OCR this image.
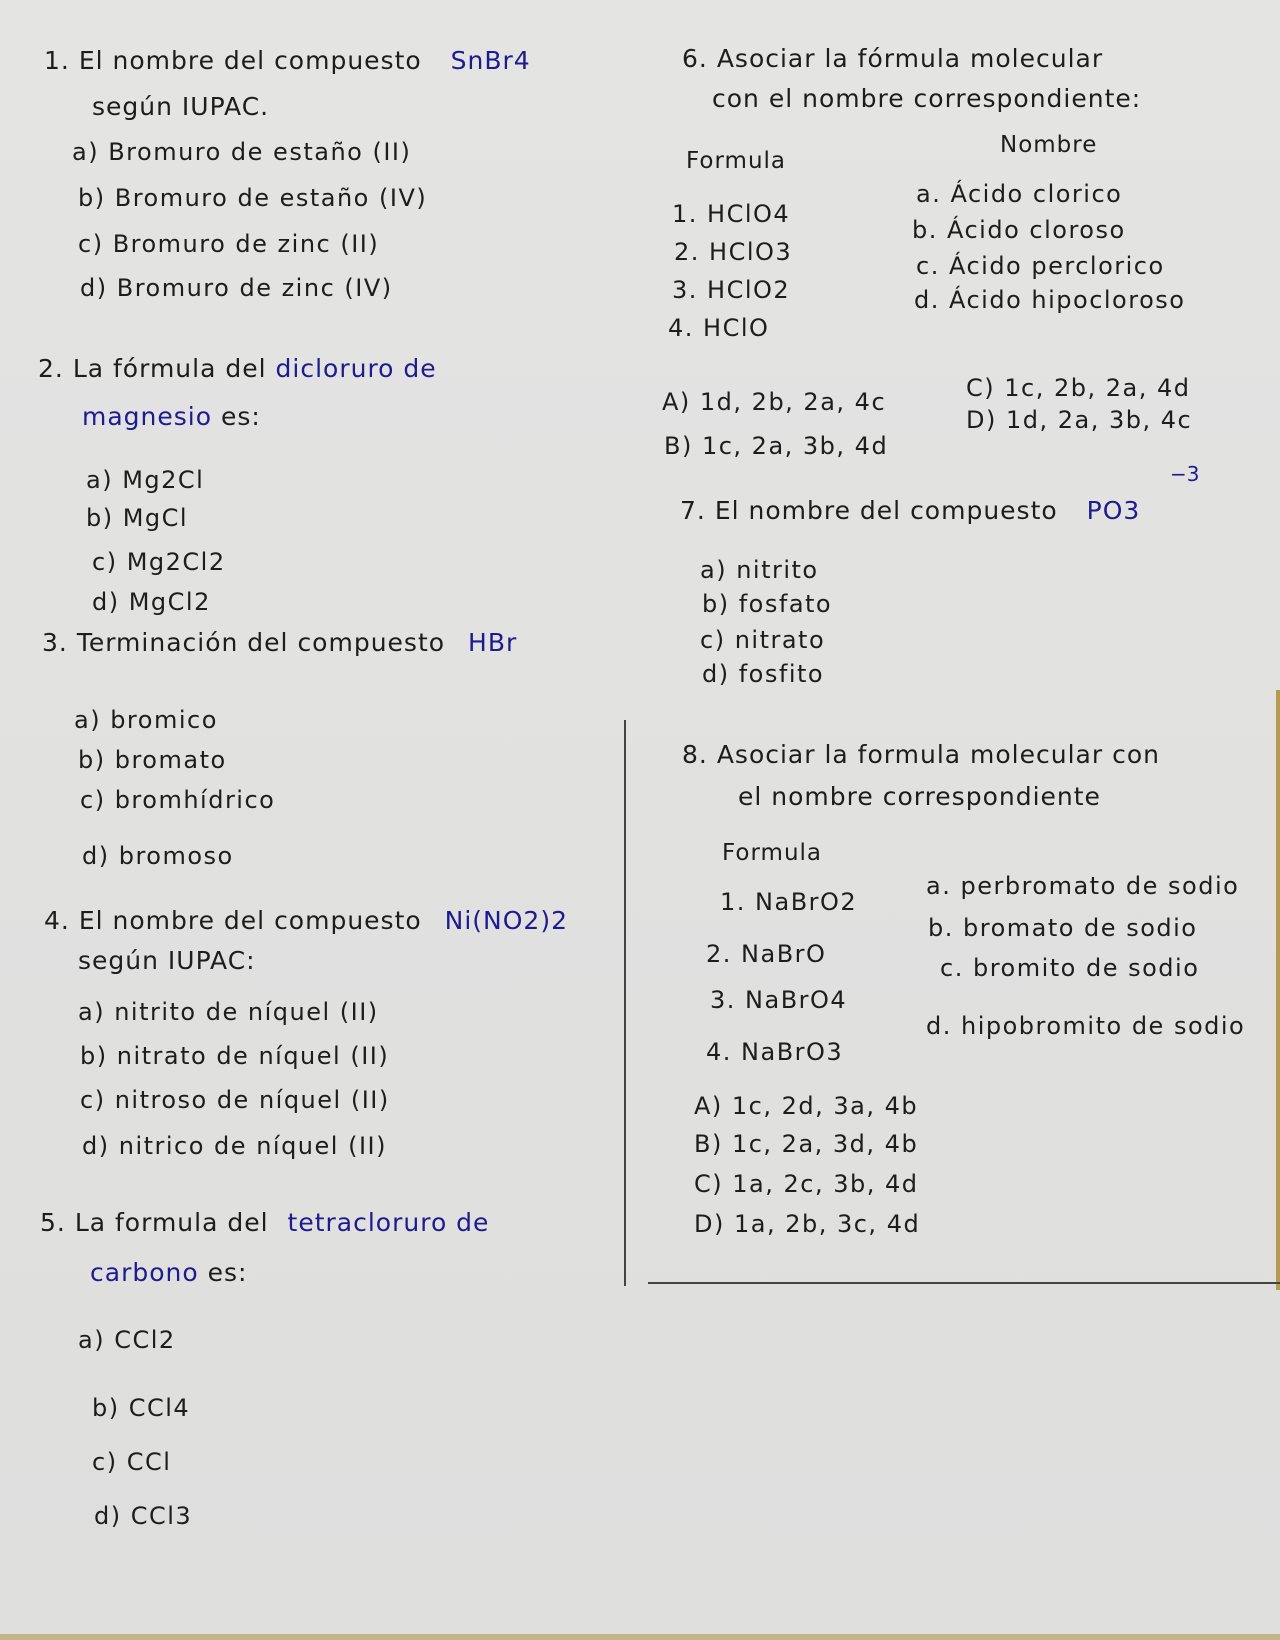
1. El nombre del compuesto SnBr4
según IUPAC.
a) Bromuro de estaño (II)
b) Bromuro de estaño (IV)
c) Bromuro de zinc (II)
d) Bromuro de zinc (IV)
2. La fórmula del dicloruro de
magnesio es:
a) Mg2Cl
b) MgCl
c) Mg2Cl2
d) MgCl2
3. Terminación del compuesto HBr
a) bromico
b) bromato
c) bromhídrico
d) bromoso
4. El nombre del compuesto Ni(NO2)2
según IUPAC:
a) nitrito de níquel (II)
b) nitrato de níquel (II)
c) nitroso de níquel (II)
d) nitrico de níquel (II)
5. La formula del tetracloruro de
carbono es:
a) CCl2
b) CCl4
c) CCl
d) CCl3
6. Asociar la fórmula molecular
con el nombre correspondiente:
Formula
Nombre
1. HClO4
2. HClO3
3. HClO2
4. HClO
a. Ácido clorico
b. Ácido cloroso
c. Ácido perclorico
d. Ácido hipocloroso
A) 1d, 2b, 2a, 4c
B) 1c, 2a, 3b, 4d
C) 1c, 2b, 2a, 4d
D) 1d, 2a, 3b, 4c
7. El nombre del compuesto PO3
−3
a) nitrito
b) fosfato
c) nitrato
d) fosfito
8. Asociar la formula molecular con
el nombre correspondiente
Formula
1. NaBrO2
2. NaBrO
3. NaBrO4
4. NaBrO3
a. perbromato de sodio
b. bromato de sodio
c. bromito de sodio
d. hipobromito de sodio
A) 1c, 2d, 3a, 4b
B) 1c, 2a, 3d, 4b
C) 1a, 2c, 3b, 4d
D) 1a, 2b, 3c, 4d
